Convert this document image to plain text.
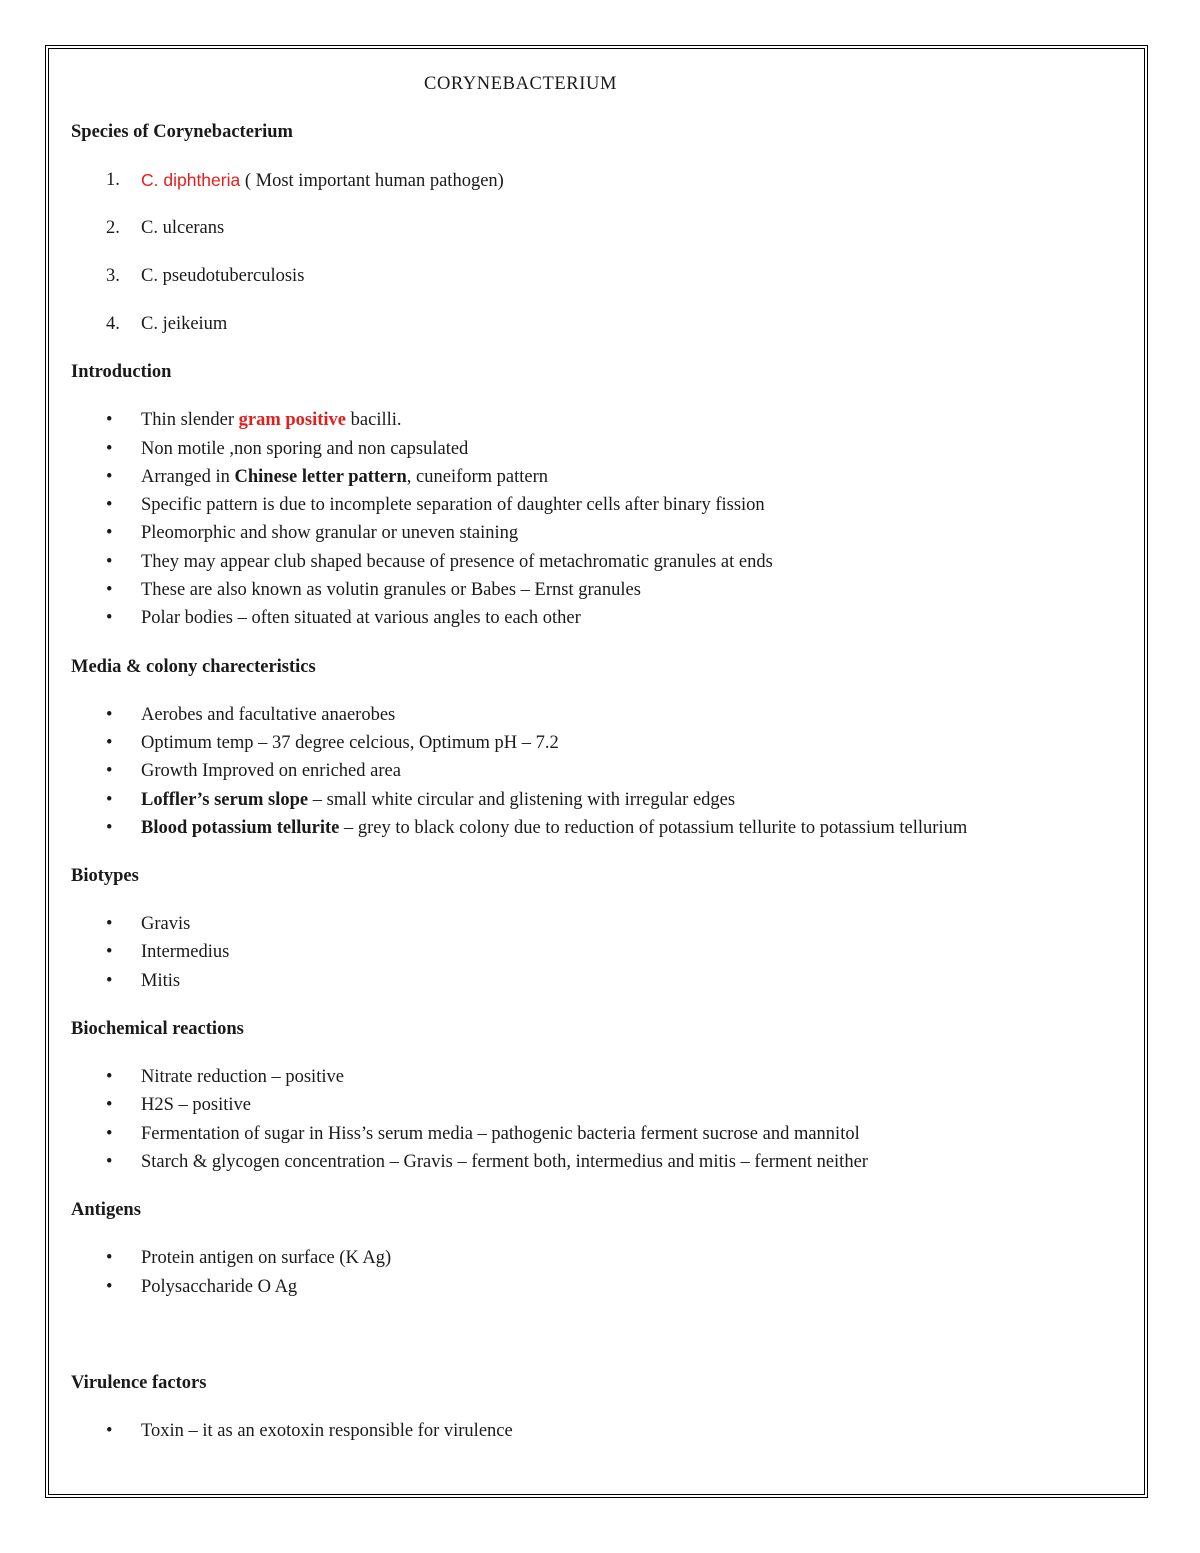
CORYNEBACTERIUM
Species of Corynebacterium
1. C. diphtheria ( Most important human pathogen)
2. C. ulcerans
3. C. pseudotuberculosis
4. C. jeikeium
Introduction
• Thin slender gram positive bacilli.
• Non motile ,non sporing and non capsulated
• Arranged in Chinese letter pattern, cuneiform pattern
• Specific pattern is due to incomplete separation of daughter cells after binary fission
• Pleomorphic and show granular or uneven staining
• They may appear club shaped because of presence of metachromatic granules at ends
• These are also known as volutin granules or Babes – Ernst granules
• Polar bodies – often situated at various angles to each other
Media & colony charecteristics
• Aerobes and facultative anaerobes
• Optimum temp – 37 degree celcious, Optimum pH – 7.2
• Growth Improved on enriched area
• Loffler’s serum slope – small white circular and glistening with irregular edges
• Blood potassium tellurite – grey to black colony due to reduction of potassium tellurite to potassium tellurium
Biotypes
• Gravis
• Intermedius
• Mitis
Biochemical reactions
• Nitrate reduction – positive
• H2S – positive
• Fermentation of sugar in Hiss’s serum media – pathogenic bacteria ferment sucrose and mannitol
• Starch & glycogen concentration – Gravis – ferment both, intermedius and mitis – ferment neither
Antigens
• Protein antigen on surface (K Ag)
• Polysaccharide O Ag
Virulence factors
• Toxin – it as an exotoxin responsible for virulence
